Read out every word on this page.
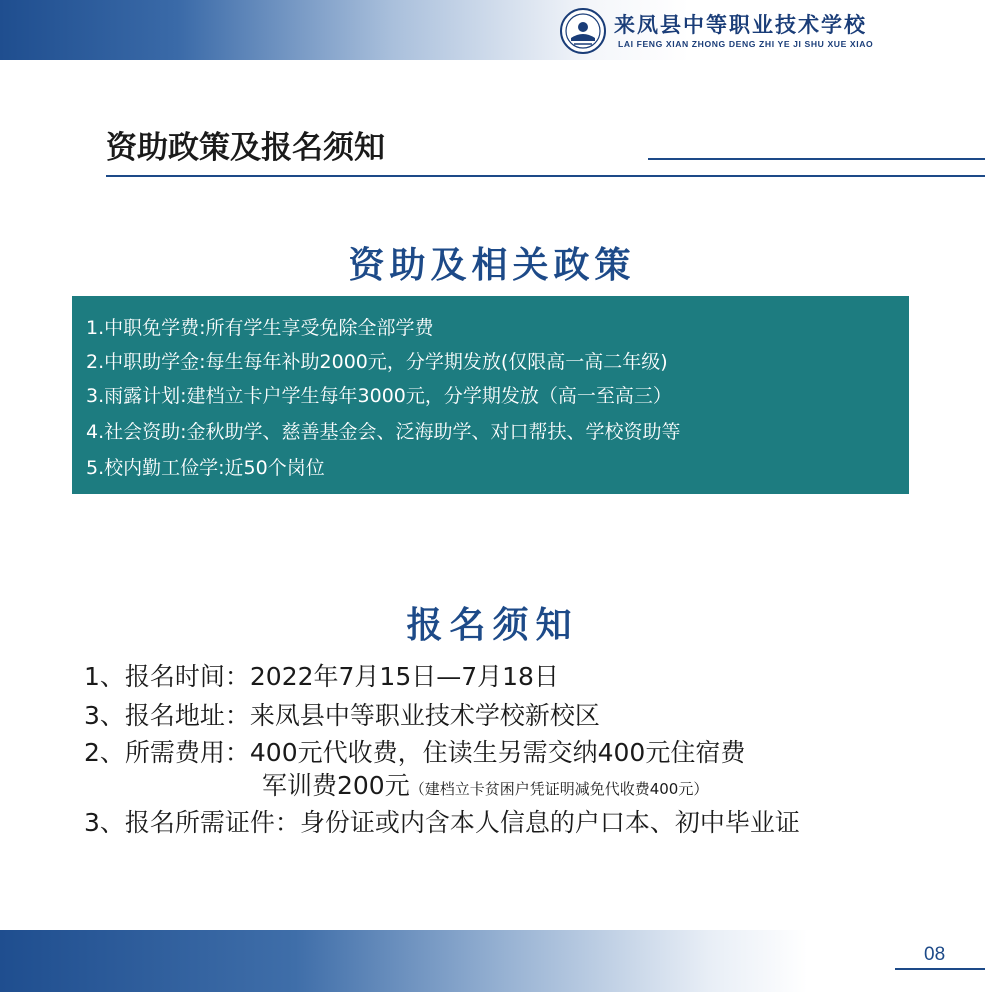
来凤县中等职业技术学校
LAI FENG XIAN ZHONG DENG ZHI YE JI SHU XUE XIAO
资助政策及报名须知
资助及相关政策
1.中职免学费:所有学生享受免除全部学费
2.中职助学金:每生每年补助2000元，分学期发放(仅限高一高二年级)
3.雨露计划:建档立卡户学生每年3000元，分学期发放（高一至高三）
4.社会资助:金秋助学、慈善基金会、泛海助学、对口帮扶、学校资助等
5.校内勤工俭学:近50个岗位
报名须知
1、报名时间：2022年7月15日—7月18日
3、报名地址：来凤县中等职业技术学校新校区
2、所需费用：400元代收费，住读生另需交纳400元住宿费
军训费200元（建档立卡贫困户凭证明减免代收费400元）
3、报名所需证件：身份证或内含本人信息的户口本、初中毕业证
08
